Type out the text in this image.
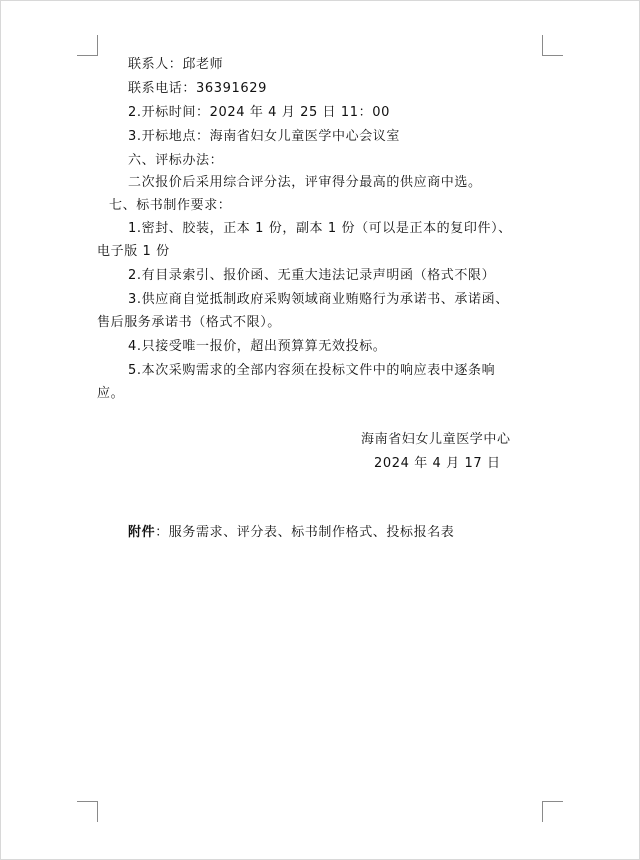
联系人：邱老师
联系电话：36391629
2.开标时间：2024 年 4 月 25 日 11：00
3.开标地点：海南省妇女儿童医学中心会议室
六、评标办法：
二次报价后采用综合评分法，评审得分最高的供应商中选。
七、标书制作要求：
1.密封、胶装，正本 1 份，副本 1 份（可以是正本的复印件）、
电子版 1 份
2.有目录索引、报价函、无重大违法记录声明函（格式不限）
3.供应商自觉抵制政府采购领域商业贿赂行为承诺书、承诺函、
售后服务承诺书（格式不限）。
4.只接受唯一报价，超出预算算无效投标。
5.本次采购需求的全部内容须在投标文件中的响应表中逐条响
应。
海南省妇女儿童医学中心
2024 年 4 月 17 日
附件：服务需求、评分表、标书制作格式、投标报名表
